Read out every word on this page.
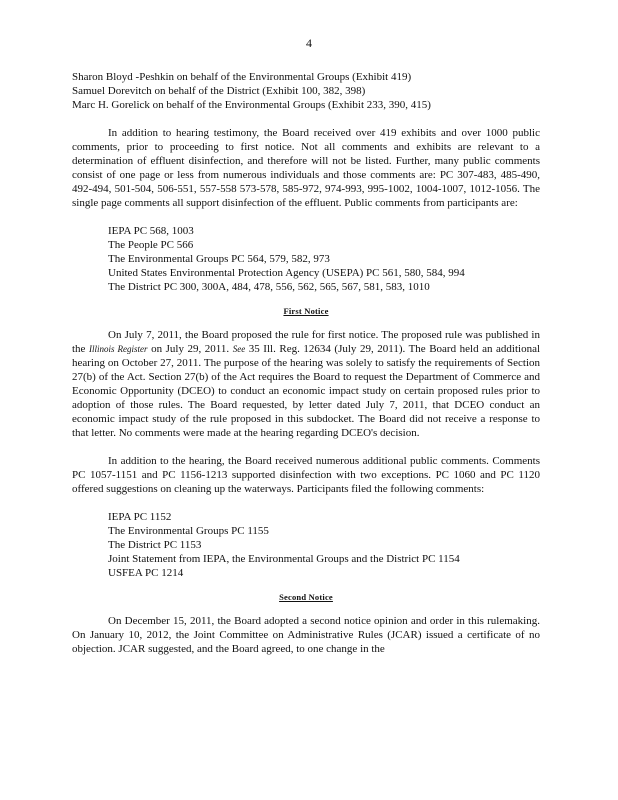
4
Sharon Bloyd -Peshkin on behalf of the Environmental Groups (Exhibit 419)
Samuel Dorevitch on behalf of the District (Exhibit 100, 382, 398)
Marc H. Gorelick on behalf of the Environmental Groups (Exhibit 233, 390, 415)

In addition to hearing testimony, the Board received over 419 exhibits and over 1000 public comments, prior to proceeding to first notice. Not all comments and exhibits are relevant to a determination of effluent disinfection, and therefore will not be listed. Further, many public comments consist of one page or less from numerous individuals and those comments are: PC 307-483, 485-490, 492-494, 501-504, 506-551, 557-558 573-578, 585-972, 974-993, 995-1002, 1004-1007, 1012-1056. The single page comments all support disinfection of the effluent. Public comments from participants are:

IEPA PC 568, 1003
The People PC 566
The Environmental Groups PC 564, 579, 582, 973
United States Environmental Protection Agency (USEPA) PC 561, 580, 584, 994
The District PC 300, 300A, 484, 478, 556, 562, 565, 567, 581, 583, 1010
First Notice

On July 7, 2011, the Board proposed the rule for first notice. The proposed rule was published in the Illinois Register on July 29, 2011. See 35 Ill. Reg. 12634 (July 29, 2011). The Board held an additional hearing on October 27, 2011. The purpose of the hearing was solely to satisfy the requirements of Section 27(b) of the Act. Section 27(b) of the Act requires the Board to request the Department of Commerce and Economic Opportunity (DCEO) to conduct an economic impact study on certain proposed rules prior to adoption of those rules. The Board requested, by letter dated July 7, 2011, that DCEO conduct an economic impact study of the rule proposed in this subdocket. The Board did not receive a response to that letter. No comments were made at the hearing regarding DCEO's decision.

In addition to the hearing, the Board received numerous additional public comments. Comments PC 1057-1151 and PC 1156-1213 supported disinfection with two exceptions. PC 1060 and PC 1120 offered suggestions on cleaning up the waterways. Participants filed the following comments:

IEPA PC 1152
The Environmental Groups PC 1155
The District PC 1153
Joint Statement from IEPA, the Environmental Groups and the District PC 1154
USFEA PC 1214
Second Notice

On December 15, 2011, the Board adopted a second notice opinion and order in this rulemaking. On January 10, 2012, the Joint Committee on Administrative Rules (JCAR) issued a certificate of no objection. JCAR suggested, and the Board agreed, to one change in the
